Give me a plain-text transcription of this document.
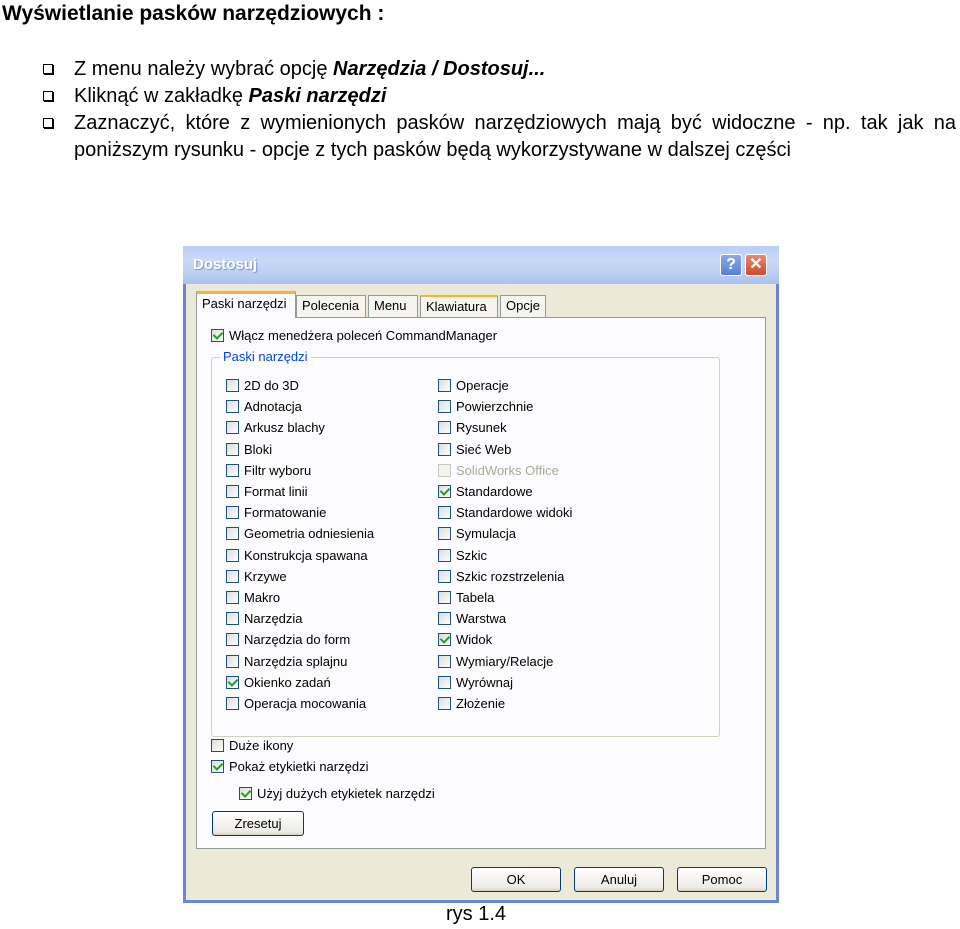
Wyświetlanie pasków narzędziowych :
Z menu należy wybrać opcję Narzędzia / Dostosuj...
Kliknąć w zakładkę Paski narzędzi
Zaznaczyć, które z wymienionych pasków narzędziowych mają być widoczne - np. tak jak na poniższym rysunku - opcje z tych pasków będą wykorzystywane w dalszej części
Dostosuj	? ✕
Paski narzędzi	Polecenia	Menu	Klawiatura	Opcje
Włącz menedżera poleceń CommandManager
Paski narzędzi
2D do 3D
Adnotacja
Arkusz blachy
Bloki
Filtr wyboru
Format linii
Formatowanie
Geometria odniesienia
Konstrukcja spawana
Krzywe
Makro
Narzędzia
Narzędzia do form
Narzędzia splajnu
Okienko zadań
Operacja mocowania
Operacje
Powierzchnie
Rysunek
Sieć Web
SolidWorks Office
Standardowe
Standardowe widoki
Symulacja
Szkic
Szkic rozstrzelenia
Tabela
Warstwa
Widok
Wymiary/Relacje
Wyrównaj
Złożenie
Duże ikony
Pokaż etykietki narzędzi
Użyj dużych etykietek narzędzi
Zresetuj
OK	Anuluj	Pomoc
rys 1.4
